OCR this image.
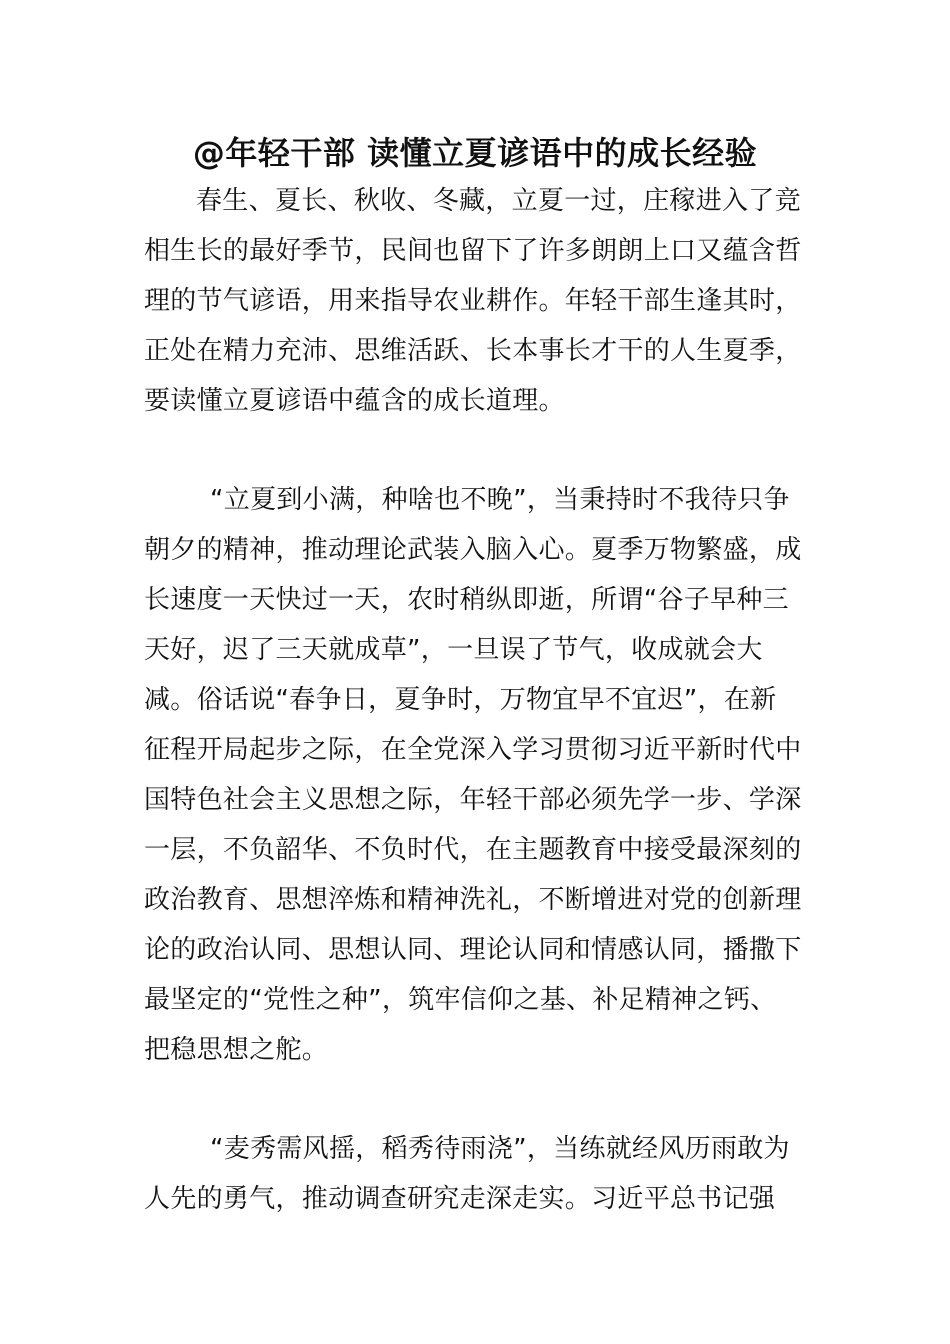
@年轻干部 读懂立夏谚语中的成长经验
春生、夏长、秋收、冬藏，立夏一过，庄稼进入了竞
相生长的最好季节，民间也留下了许多朗朗上口又蕴含哲
理的节气谚语，用来指导农业耕作。年轻干部生逢其时，
正处在精力充沛、思维活跃、长本事长才干的人生夏季，
要读懂立夏谚语中蕴含的成长道理。
“立夏到小满，种啥也不晚”，当秉持时不我待只争
朝夕的精神，推动理论武装入脑入心。夏季万物繁盛，成
长速度一天快过一天，农时稍纵即逝，所谓“谷子早种三
天好，迟了三天就成草”，一旦误了节气，收成就会大
减。俗话说“春争日，夏争时，万物宜早不宜迟”，在新
征程开局起步之际，在全党深入学习贯彻习近平新时代中
国特色社会主义思想之际，年轻干部必须先学一步、学深
一层，不负韶华、不负时代，在主题教育中接受最深刻的
政治教育、思想淬炼和精神洗礼，不断增进对党的创新理
论的政治认同、思想认同、理论认同和情感认同，播撒下
最坚定的“党性之种”，筑牢信仰之基、补足精神之钙、
把稳思想之舵。
“麦秀需风摇，稻秀待雨浇”，当练就经风历雨敢为
人先的勇气，推动调查研究走深走实。习近平总书记强
